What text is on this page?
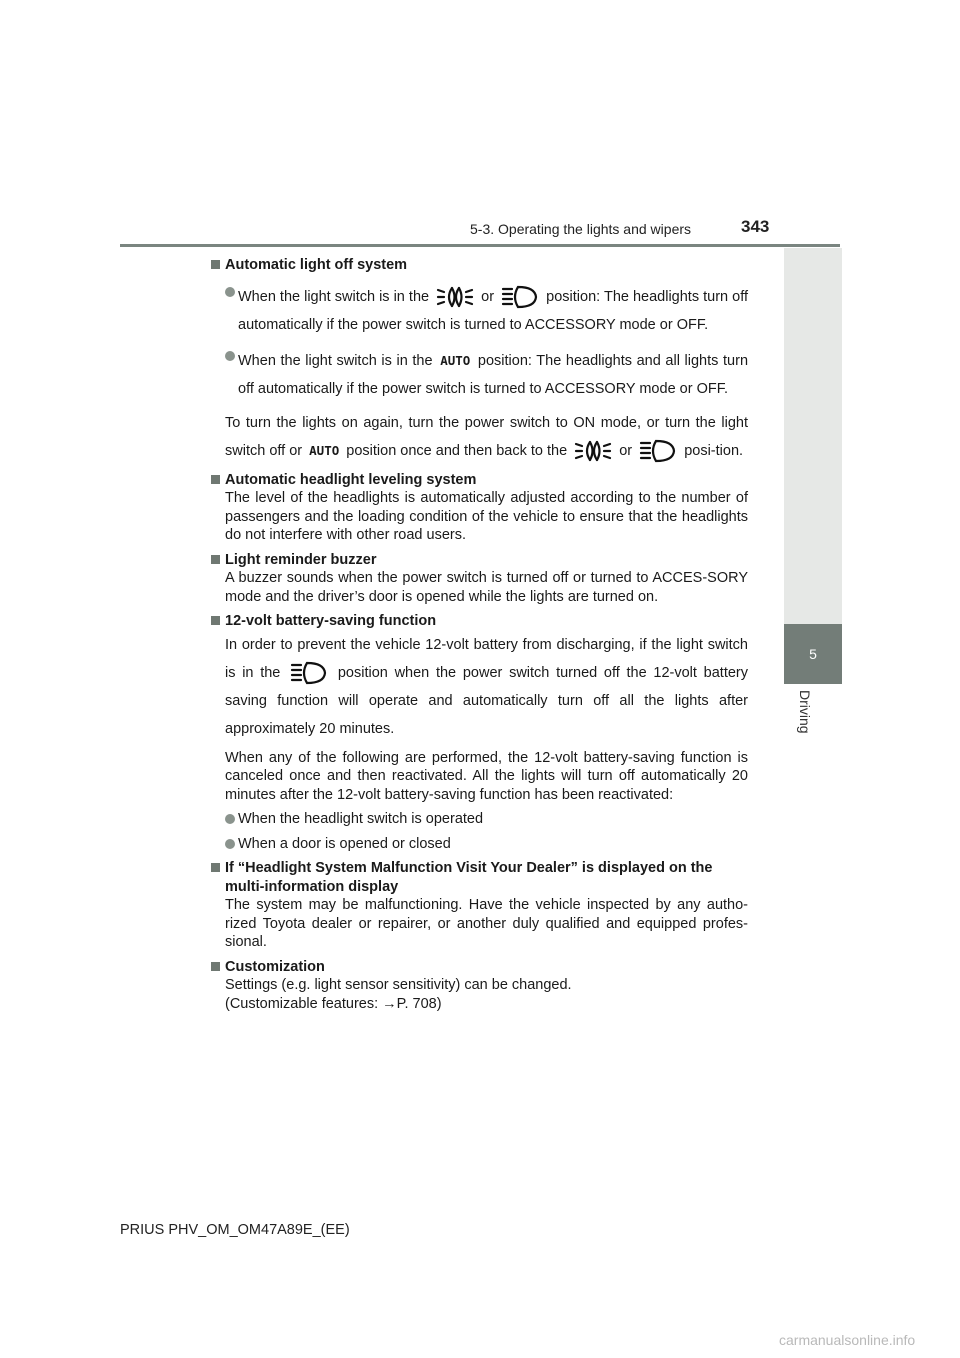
5-3. Operating the lights and wipers	343
5
Driving

Automatic light off system

When the light switch is in the	or	position: The headlights turn off automatically if the power switch is turned to ACCESSORY mode or OFF.

When the light switch is in the AUTO position: The headlights and all lights turn off automatically if the power switch is turned to ACCESSORY mode or OFF.

To turn the lights on again, turn the power switch to ON mode, or turn the light switch off or AUTO position once and then back to the	or	posi-tion.

Automatic headlight leveling system

The level of the headlights is automatically adjusted according to the number of passengers and the loading condition of the vehicle to ensure that the headlights do not interfere with other road users.

Light reminder buzzer

A buzzer sounds when the power switch is turned off or turned to ACCES-SORY mode and the driver’s door is opened while the lights are turned on.

12-volt battery-saving function

In order to prevent the vehicle 12-volt battery from discharging, if the light switch is in the	position when the power switch turned off the 12-volt battery saving function will operate and automatically turn off all the lights after approximately 20 minutes.

When any of the following are performed, the 12-volt battery-saving function is canceled once and then reactivated. All the lights will turn off automatically 20 minutes after the 12-volt battery-saving function has been reactivated:

When the headlight switch is operated

When a door is opened or closed

If “Headlight System Malfunction Visit Your Dealer” is displayed on the multi-information display

The system may be malfunctioning. Have the vehicle inspected by any autho-rized Toyota dealer or repairer, or another duly qualified and equipped profes-sional.

Customization

Settings (e.g. light sensor sensitivity) can be changed.

(Customizable features: →P. 708)

PRIUS PHV_OM_OM47A89E_(EE)
carmanualsonline.info
